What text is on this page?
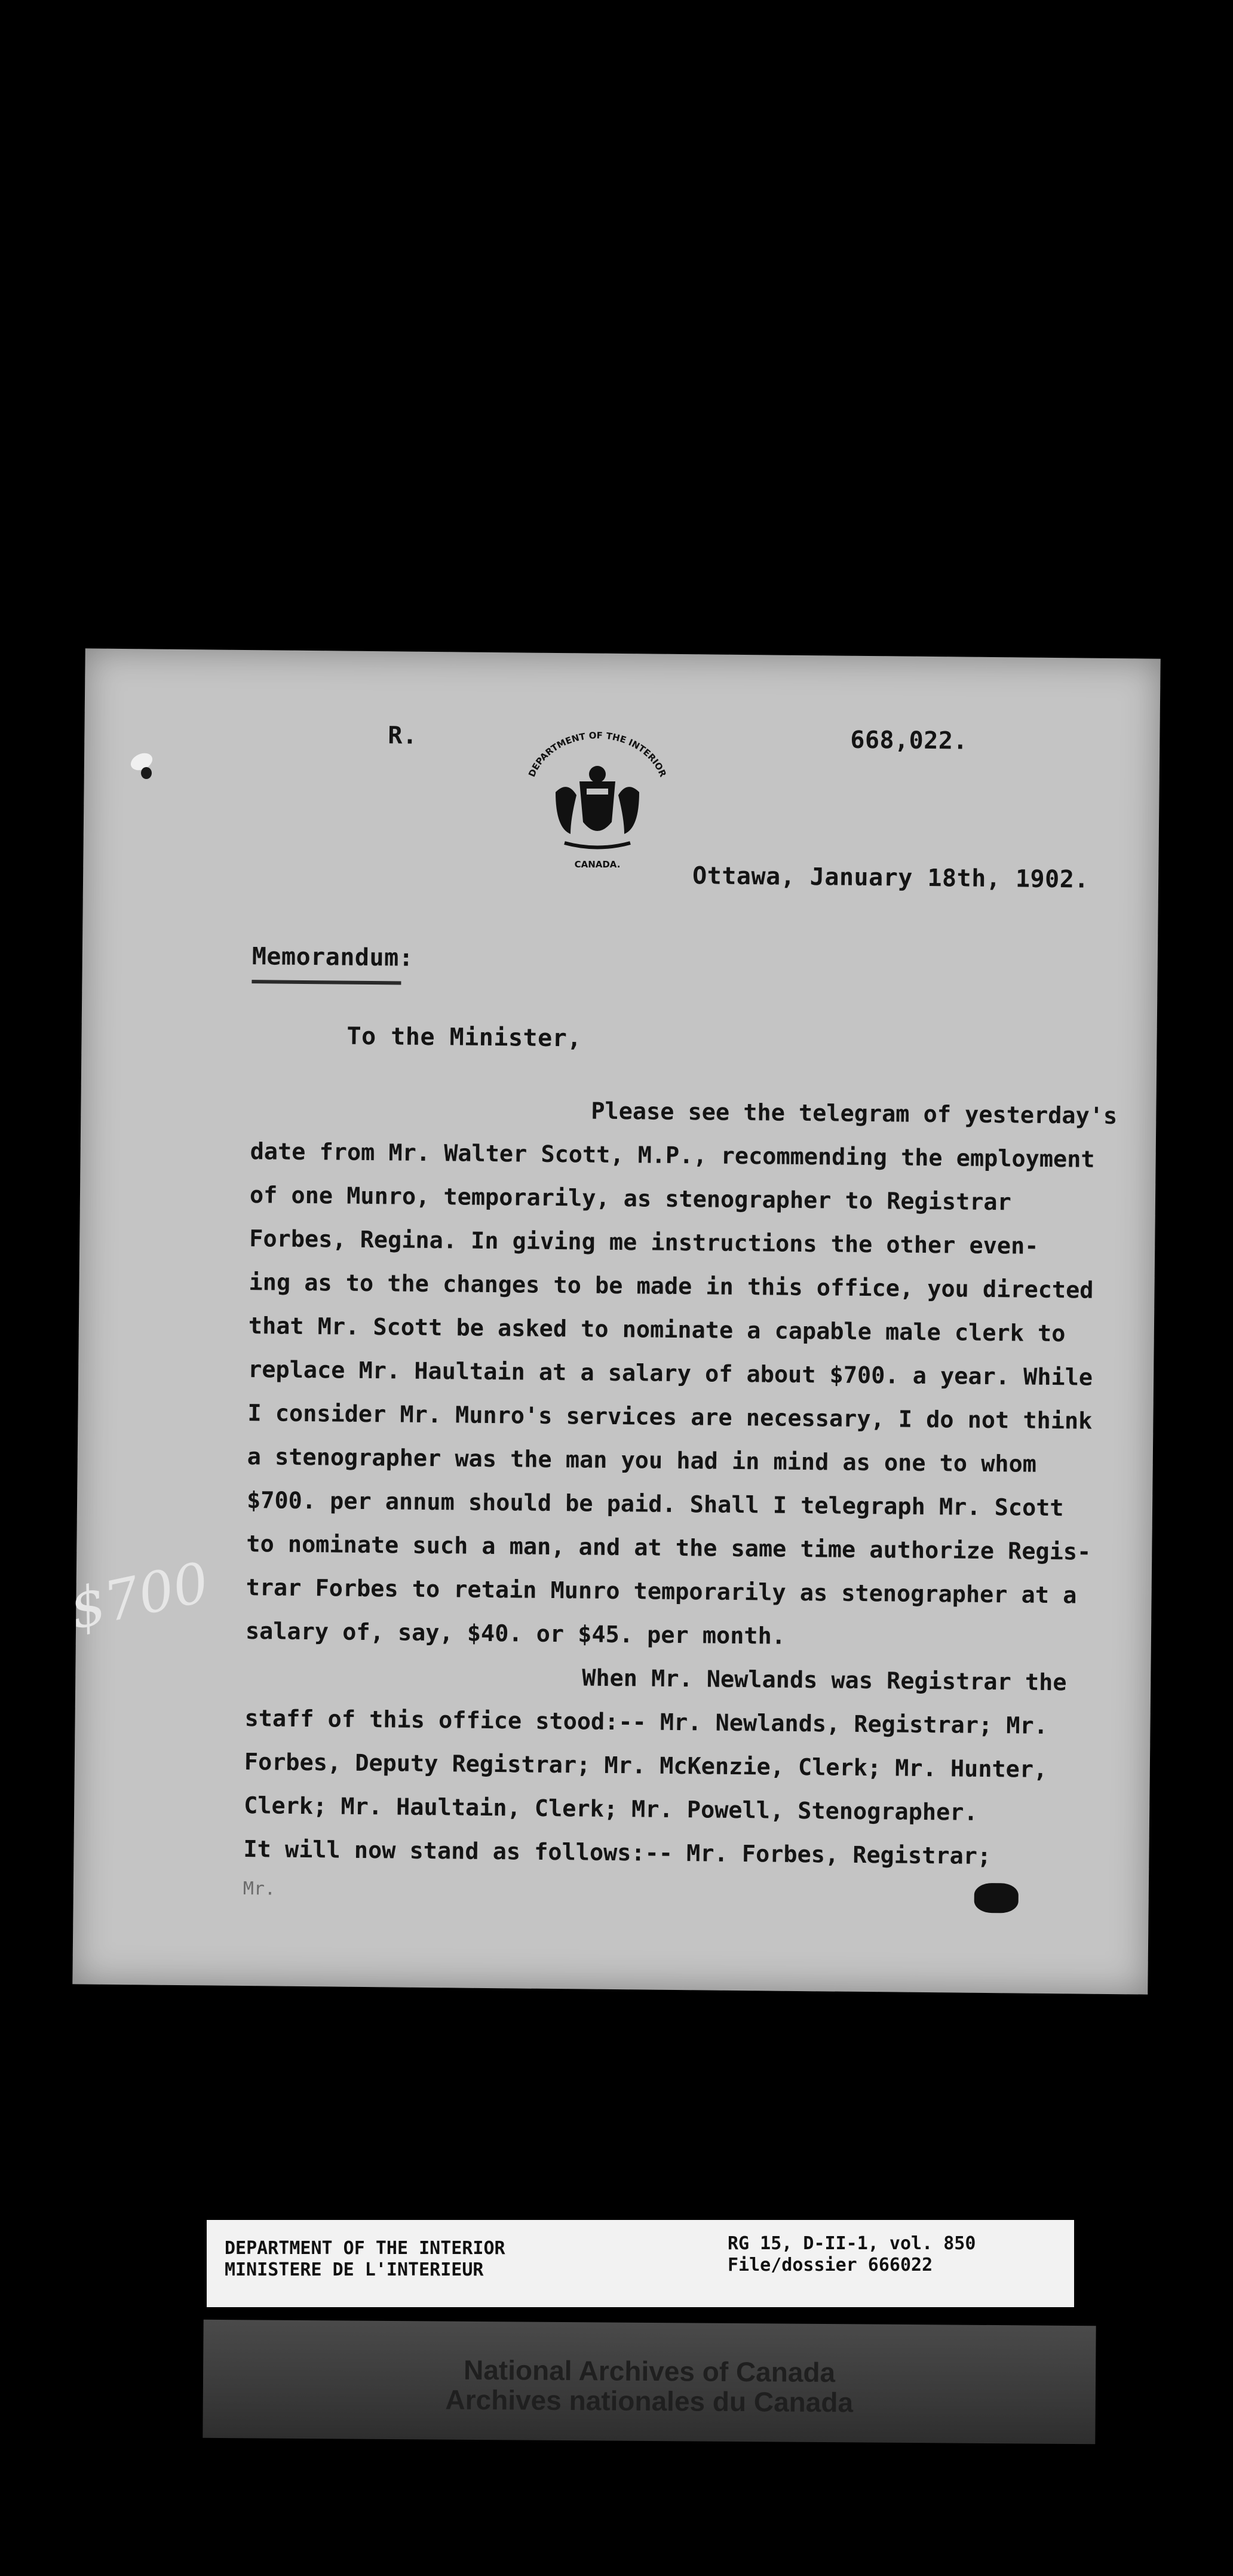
R.	668,022.
Ottawa, January 18th, 1902.
Memorandum:
To the Minister,
Please see the telegram of yesterday's
date from Mr. Walter Scott, M.P., recommending the employment
of one Munro, temporarily, as stenographer to Registrar
Forbes, Regina. In giving me instructions the other even-
ing as to the changes to be made in this office, you directed
that Mr. Scott be asked to nominate a capable male clerk to
replace Mr. Haultain at a salary of about $700. a year. While
I consider Mr. Munro's services are necessary, I do not think
a stenographer was the man you had in mind as one to whom
$700. per annum should be paid. Shall I telegraph Mr. Scott
to nominate such a man, and at the same time authorize Regis-
trar Forbes to retain Munro temporarily as stenographer at a
salary of, say, $40. or $45. per month.
When Mr. Newlands was Registrar the
staff of this office stood:-- Mr. Newlands, Registrar; Mr.
Forbes, Deputy Registrar; Mr. McKenzie, Clerk; Mr. Hunter,
Clerk; Mr. Haultain, Clerk; Mr. Powell, Stenographer.
It will now stand as follows:-- Mr. Forbes, Registrar;
Mr.
DEPARTMENT OF THE INTERIOR
CANADA.
$700
DEPARTMENT OF THE INTERIOR
MINISTERE DE L'INTERIEUR
RG 15, D-II-1, vol. 850
File/dossier 666022
National Archives of Canada
Archives nationales du Canada
